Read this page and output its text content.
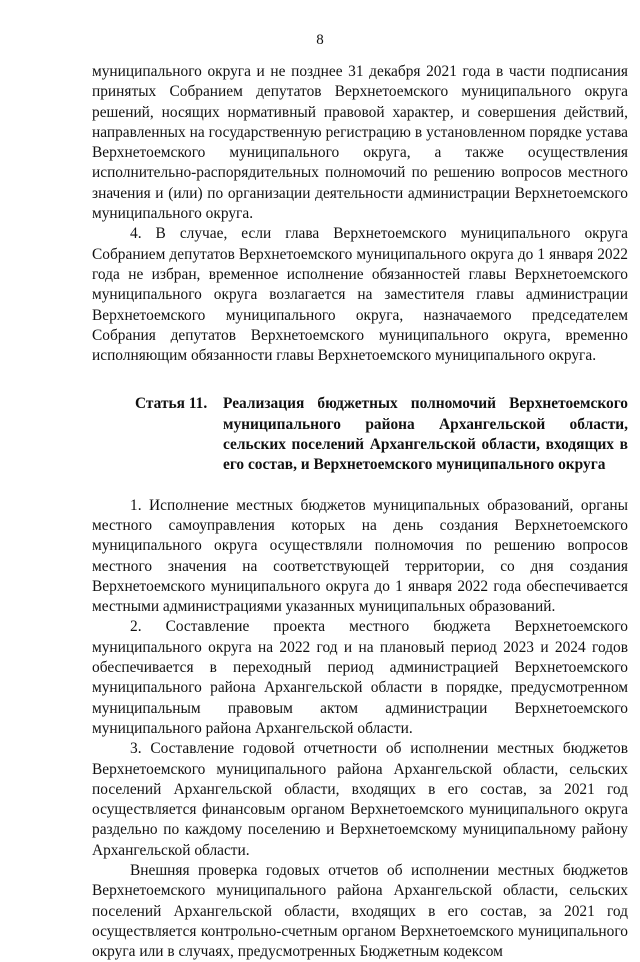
8

муниципального округа и не позднее 31 декабря 2021 года в части подписания принятых Собранием депутатов Верхнетоемского муниципального округа решений, носящих нормативный правовой характер, и совершения действий, направленных на государственную регистрацию в установленном порядке устава Верхнетоемского муниципального округа, а также осуществления исполнительно-распорядительных полномочий по решению вопросов местного значения и (или) по организации деятельности администрации Верхнетоемского муниципального округа.

4. В случае, если глава Верхнетоемского муниципального округа Собранием депутатов Верхнетоемского муниципального округа до 1 января 2022 года не избран, временное исполнение обязанностей главы Верхнетоемского муниципального округа возлагается на заместителя главы администрации Верхнетоемского муниципального округа, назначаемого председателем Собрания депутатов Верхнетоемского муниципального округа, временно исполняющим обязанности главы Верхнетоемского муниципального округа.

Статья 11.	Реализация бюджетных полномочий Верхнетоемского муниципального района Архангельской области, сельских поселений Архангельской области, входящих в его состав, и Верхнетоемского муниципального округа

1. Исполнение местных бюджетов муниципальных образований, органы местного самоуправления которых на день создания Верхнетоемского муниципального округа осуществляли полномочия по решению вопросов местного значения на соответствующей территории, со дня создания Верхнетоемского муниципального округа до 1 января 2022 года обеспечивается местными администрациями указанных муниципальных образований.

2. Составление проекта местного бюджета Верхнетоемского муниципального округа на 2022 год и на плановый период 2023 и 2024 годов обеспечивается в переходный период администрацией Верхнетоемского муниципального района Архангельской области в порядке, предусмотренном муниципальным правовым актом администрации Верхнетоемского муниципального района Архангельской области.

3. Составление годовой отчетности об исполнении местных бюджетов Верхнетоемского муниципального района Архангельской области, сельских поселений Архангельской области, входящих в его состав, за 2021 год осуществляется финансовым органом Верхнетоемского муниципального округа раздельно по каждому поселению и Верхнетоемскому муниципальному району Архангельской области.

Внешняя проверка годовых отчетов об исполнении местных бюджетов Верхнетоемского муниципального района Архангельской области, сельских поселений Архангельской области, входящих в его состав, за 2021 год осуществляется контрольно-счетным органом Верхнетоемского муниципального округа или в случаях, предусмотренных Бюджетным кодексом
